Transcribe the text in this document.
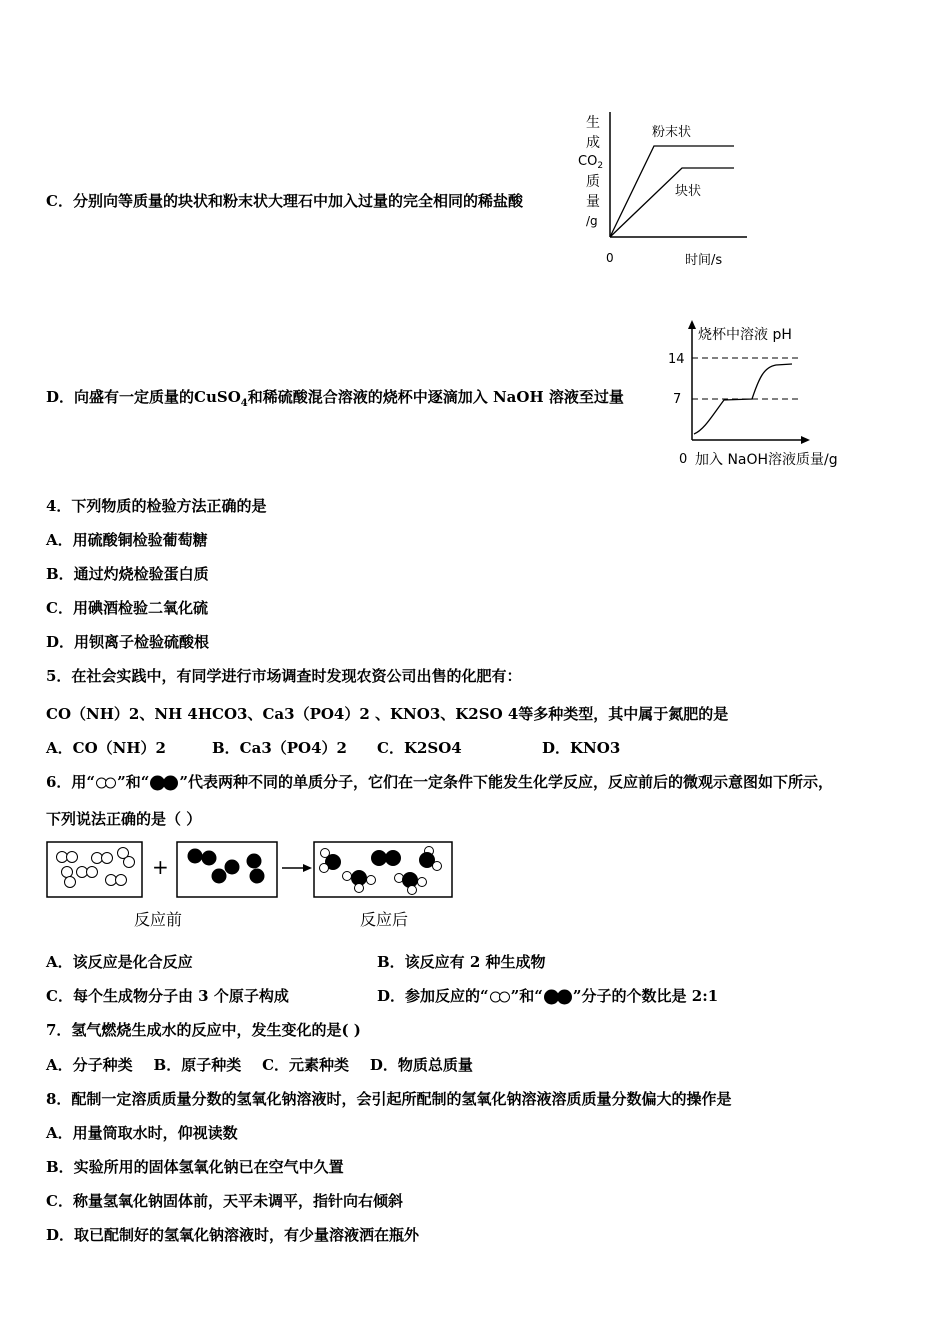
C．分别向等质量的块状和粉末状大理石中加入过量的完全相同的稀盐酸
生
成
$CO_2$
质
量
/g
0	时间/s
粉末状
块状
D．向盛有一定质量的CuSO$_4$和稀硫酸混合溶液的烧杯中逐滴加入 NaOH 溶液至过量
烧杯中溶液 pH
14
7
0 加入 NaOH溶液质量/g
4．下列物质的检验方法正确的是
A．用硫酸铜检验葡萄糖
B．通过灼烧检验蛋白质
C．用碘酒检验二氧化硫
D．用钡离子检验硫酸根
5．在社会实践中，有同学进行市场调查时发现农资公司出售的化肥有：
CO（NH）2、NH 4HCO3、Ca3（PO4）2 、KNO3、K2SO 4等多种类型，其中属于氮肥的是
A．CO（NH）2	B．Ca3（PO4）2 C．K2SO4	D．KNO3
6．用“ ”和“ ”代表两种不同的单质分子，它们在一定条件下能发生化学反应，反应前后的微观示意图如下所示，
下列说法正确的是（ ）
+
反应前	反应后
A．该反应是化合反应	B．该反应有 2 种生成物
C．每个生成物分子由 3 个原子构成	D．参加反应的“ ”和“ ”分子的个数比是 2:1
7．氢气燃烧生成水的反应中，发生变化的是( )
A．分子种类    B．原子种类    C．元素种类    D．物质总质量
8．配制一定溶质质量分数的氢氧化钠溶液时，会引起所配制的氢氧化钠溶液溶质质量分数偏大的操作是
A．用量筒取水时，仰视读数
B．实验所用的固体氢氧化钠已在空气中久置
C．称量氢氧化钠固体前，天平未调平，指针向右倾斜
D．取已配制好的氢氧化钠溶液时，有少量溶液洒在瓶外
